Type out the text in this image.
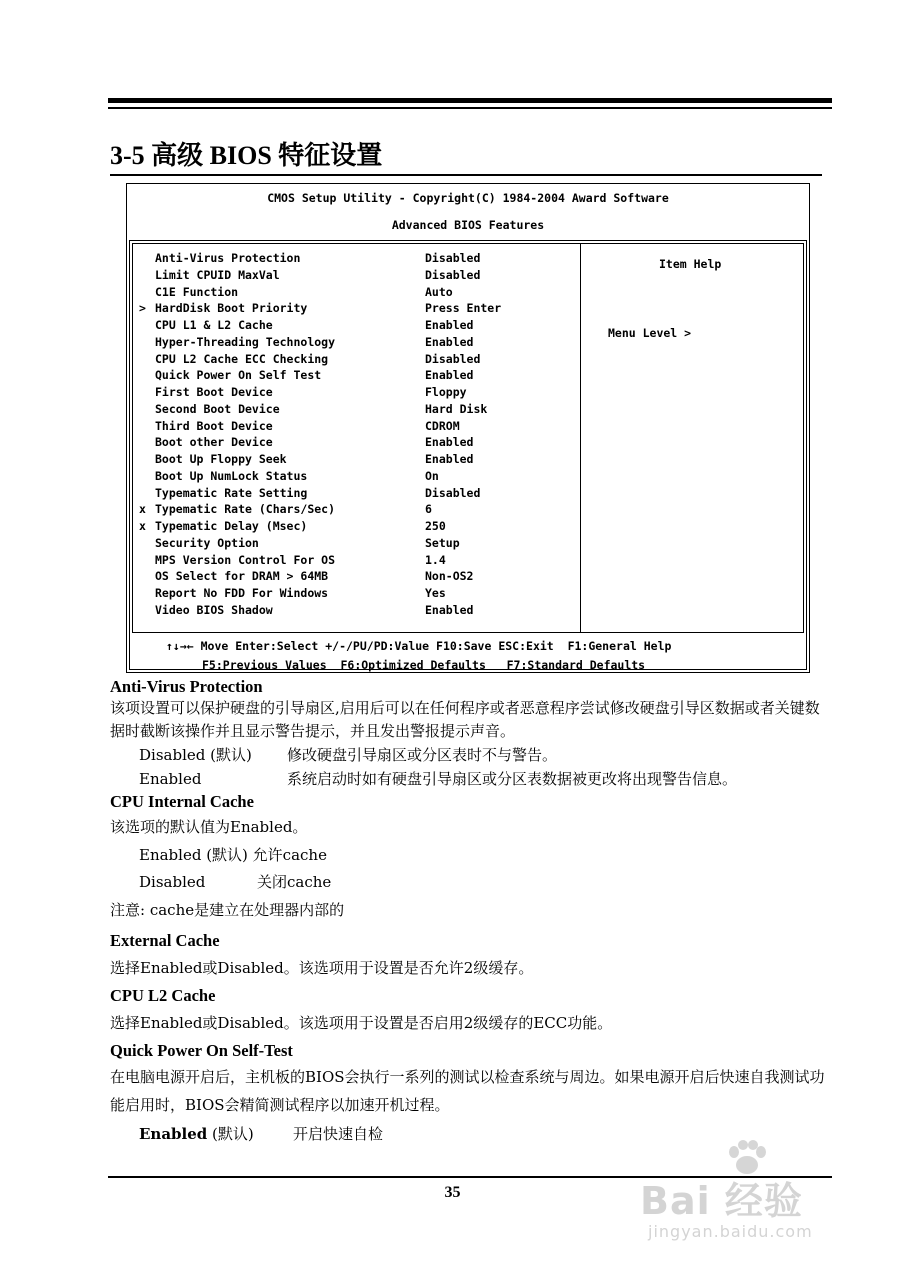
3-5 高级 BIOS 特征设置
CMOS Setup Utility - Copyright(C) 1984-2004 Award Software
Advanced BIOS Features
Anti-Virus Protection	Disabled
Limit CPUID MaxVal	Disabled
C1E Function	Auto
> HardDisk Boot Priority	Press Enter
CPU L1 & L2 Cache	Enabled
Hyper-Threading Technology	Enabled
CPU L2 Cache ECC Checking	Disabled
Quick Power On Self Test	Enabled
First Boot Device	Floppy
Second Boot Device	Hard Disk
Third Boot Device	CDROM
Boot other Device	Enabled
Boot Up Floppy Seek	Enabled
Boot Up NumLock Status	On
Typematic Rate Setting	Disabled
x Typematic Rate (Chars/Sec)	6
x Typematic Delay (Msec)	250
Security Option	Setup
MPS Version Control For OS	1.4
OS Select for DRAM > 64MB	Non-OS2
Report No FDD For Windows	Yes
Video BIOS Shadow	Enabled
Item Help
Menu Level >
↑↓→← Move Enter:Select +/-/PU/PD:Value F10:Save ESC:Exit  F1:General Help
F5:Previous Values  F6:Optimized Defaults   F7:Standard Defaults
Anti-Virus Protection

该项设置可以保护硬盘的引导扇区,启用后可以在任何程序或者恶意程序尝试修改硬盘引导区数据或者关键数据时截断该操作并且显示警告提示，并且发出警报提示声音。

Disabled (默认) 修改硬盘引导扇区或分区表时不与警告。
Enabled	系统启动时如有硬盘引导扇区或分区表数据被更改将出现警告信息。
CPU Internal Cache

该选项的默认值为Enabled。

Enabled (默认) 允许cache
Disabled	关闭cache

注意: cache是建立在处理器内部的

External Cache

选择Enabled或Disabled。该选项用于设置是否允许2级缓存。

CPU L2 Cache

选择Enabled或Disabled。该选项用于设置是否启用2级缓存的ECC功能。

Quick Power On Self-Test

在电脑电源开启后，主机板的BIOS会执行一系列的测试以检查系统与周边。如果电源开启后快速自我测试功能启用时，BIOS会精简测试程序以加速开机过程。

Enabled (默认)	开启快速自检
35	Bai 经验
jingyan.baidu.com
